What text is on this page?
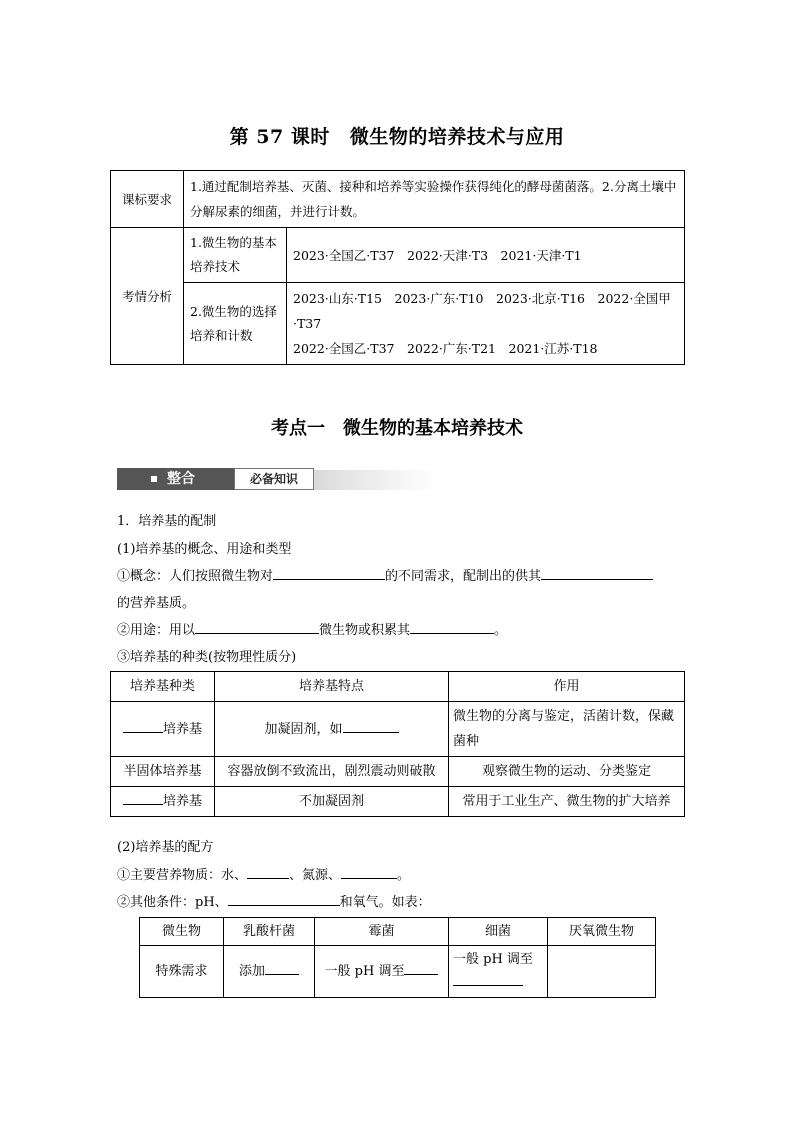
第 57 课时 微生物的培养技术与应用
课标要求	1.通过配制培养基、灭菌、接种和培养等实验操作获得纯化的酵母菌菌落。2.分离土壤中分解尿素的细菌，并进行计数。	
考情分析	1.微生物的基本培养技术	2023·全国乙·T37　2022·天津·T3　2021·天津·T1
	2.微生物的选择培养和计数	2023·山东·T15　2023·广东·T10　2023·北京·T16　2022·全国甲·T37
2022·全国乙·T37　2022·广东·T21　2021·江苏·T18
考点一 微生物的基本培养技术
整合	必备知识
1．培养基的配制
(1)培养基的概念、用途和类型
①概念：人们按照微生物对	的不同需求，配制出的供其
的营养基质。
②用途：用以	微生物或积累其	。
③培养基的种类(按物理性质分)
培养基种类	培养基特点	作用
培养基	加凝固剂，如	微生物的分离与鉴定，活菌计数，保藏菌种
半固体培养基	容器放倒不致流出，剧烈震动则破散	观察微生物的运动、分类鉴定
培养基	不加凝固剂	常用于工业生产、微生物的扩大培养
(2)培养基的配方
①主要营养物质：水、	、氮源、	。
②其他条件：pH、	和氧气。如表：
微生物	乳酸杆菌	霉菌	细菌	厌氧微生物
特殊需求	添加	一般 pH 调至	一般 pH 调至	
